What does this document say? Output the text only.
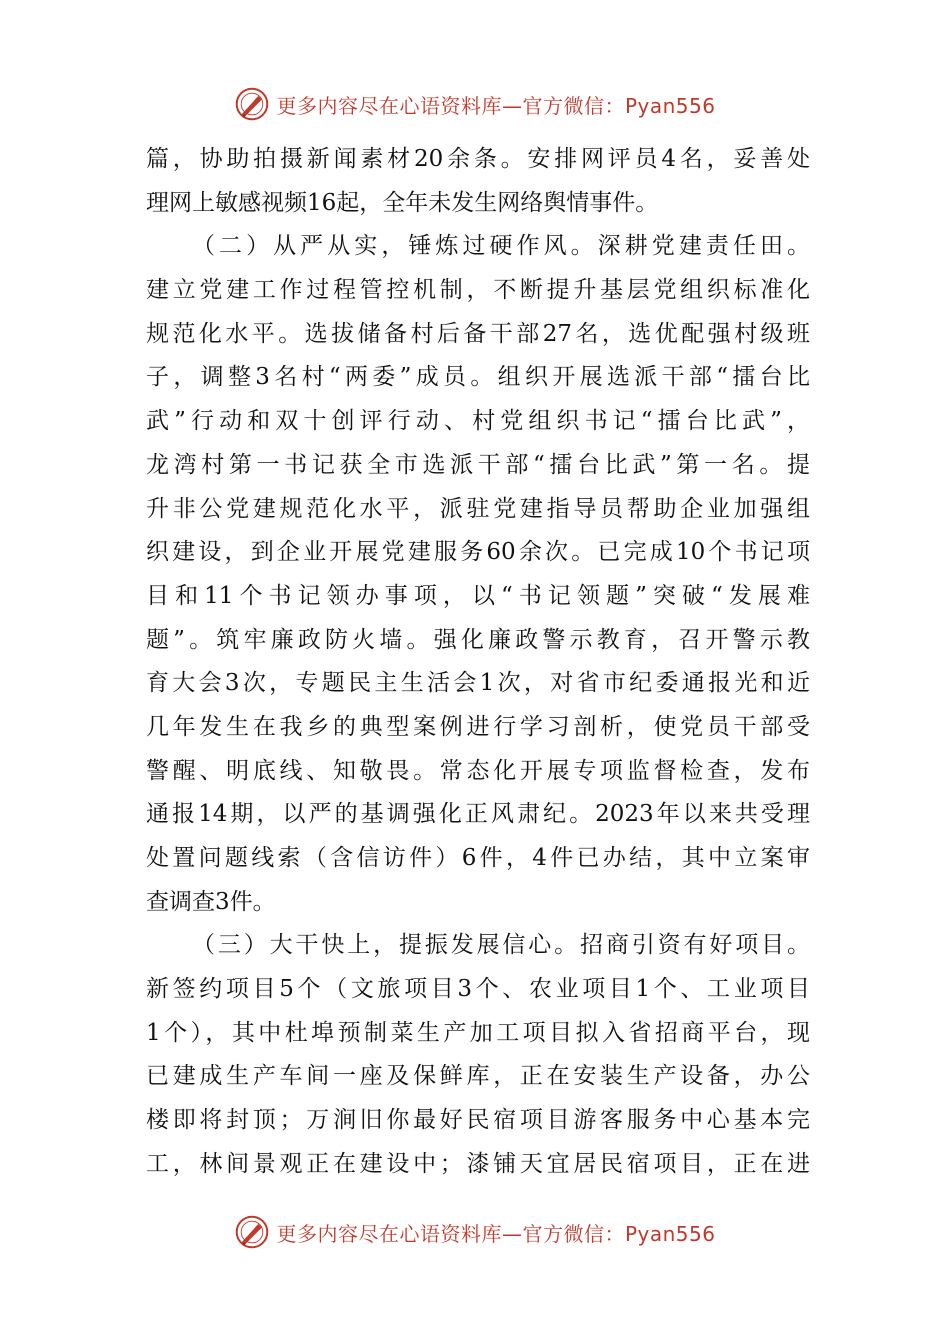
更多内容尽在心语资料库—官方微信：Pyan556
篇，协助拍摄新闻素材20余条。安排网评员4名，妥善处
理网上敏感视频16起，全年未发生网络舆情事件。
（二）从严从实，锤炼过硬作风。深耕党建责任田。
建立党建工作过程管控机制，不断提升基层党组织标准化
规范化水平。选拔储备村后备干部27名，选优配强村级班
子，调整3名村“两委”成员。组织开展选派干部“擂台比
武”行动和双十创评行动、村党组织书记“擂台比武”，
龙湾村第一书记获全市选派干部“擂台比武”第一名。提
升非公党建规范化水平，派驻党建指导员帮助企业加强组
织建设，到企业开展党建服务60余次。已完成10个书记项
目和11个书记领办事项，以“书记领题”突破“发展难
题”。筑牢廉政防火墙。强化廉政警示教育，召开警示教
育大会3次，专题民主生活会1次，对省市纪委通报光和近
几年发生在我乡的典型案例进行学习剖析，使党员干部受
警醒、明底线、知敬畏。常态化开展专项监督检查，发布
通报14期，以严的基调强化正风肃纪。2023年以来共受理
处置问题线索（含信访件）6件，4件已办结，其中立案审
查调查3件。
（三）大干快上，提振发展信心。招商引资有好项目。
新签约项目5个（文旅项目3个、农业项目1个、工业项目
1个），其中杜埠预制菜生产加工项目拟入省招商平台，现
已建成生产车间一座及保鲜库，正在安装生产设备，办公
楼即将封顶；万涧旧你最好民宿项目游客服务中心基本完
工，林间景观正在建设中；漆铺天宜居民宿项目，正在进
更多内容尽在心语资料库—官方微信：Pyan556
